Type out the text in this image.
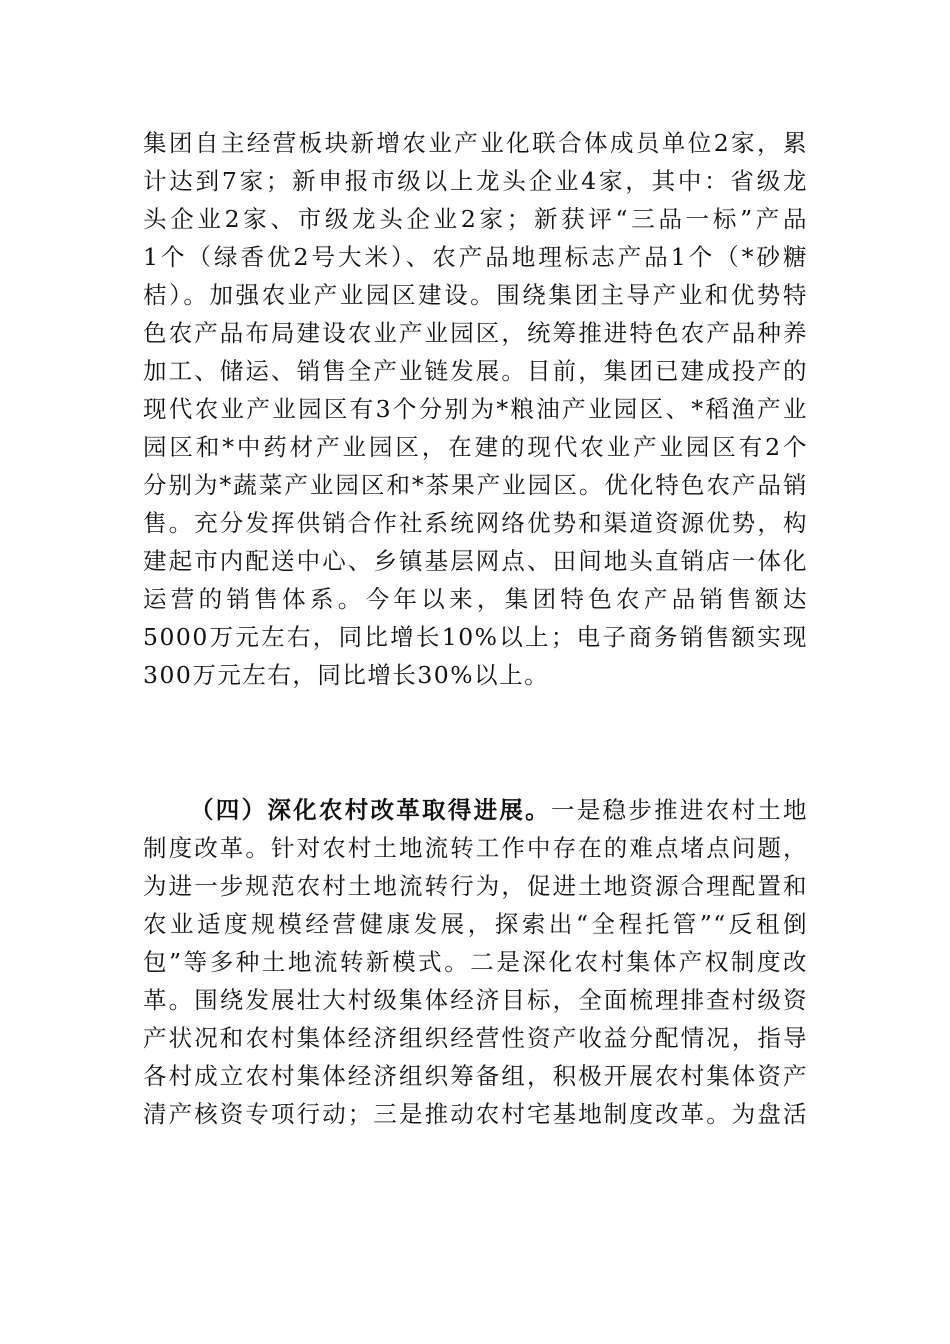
集团自主经营板块新增农业产业化联合体成员单位2家，累
计达到7家；新申报市级以上龙头企业4家，其中：省级龙
头企业2家、市级龙头企业2家；新获评“三品一标”产品
1个（绿香优2号大米）、农产品地理标志产品1个（*砂糖
桔）。加强农业产业园区建设。围绕集团主导产业和优势特
色农产品布局建设农业产业园区，统筹推进特色农产品种养
加工、储运、销售全产业链发展。目前，集团已建成投产的
现代农业产业园区有3个分别为*粮油产业园区、*稻渔产业
园区和*中药材产业园区，在建的现代农业产业园区有2个
分别为*蔬菜产业园区和*茶果产业园区。优化特色农产品销
售。充分发挥供销合作社系统网络优势和渠道资源优势，构
建起市内配送中心、乡镇基层网点、田间地头直销店一体化
运营的销售体系。今年以来，集团特色农产品销售额达
5000万元左右，同比增长10%以上；电子商务销售额实现
300万元左右，同比增长30%以上。
（四）深化农村改革取得进展。一是稳步推进农村土地
制度改革。针对农村土地流转工作中存在的难点堵点问题，
为进一步规范农村土地流转行为，促进土地资源合理配置和
农业适度规模经营健康发展，探索出“全程托管”“反租倒
包”等多种土地流转新模式。二是深化农村集体产权制度改
革。围绕发展壮大村级集体经济目标，全面梳理排查村级资
产状况和农村集体经济组织经营性资产收益分配情况，指导
各村成立农村集体经济组织筹备组，积极开展农村集体资产
清产核资专项行动；三是推动农村宅基地制度改革。为盘活
